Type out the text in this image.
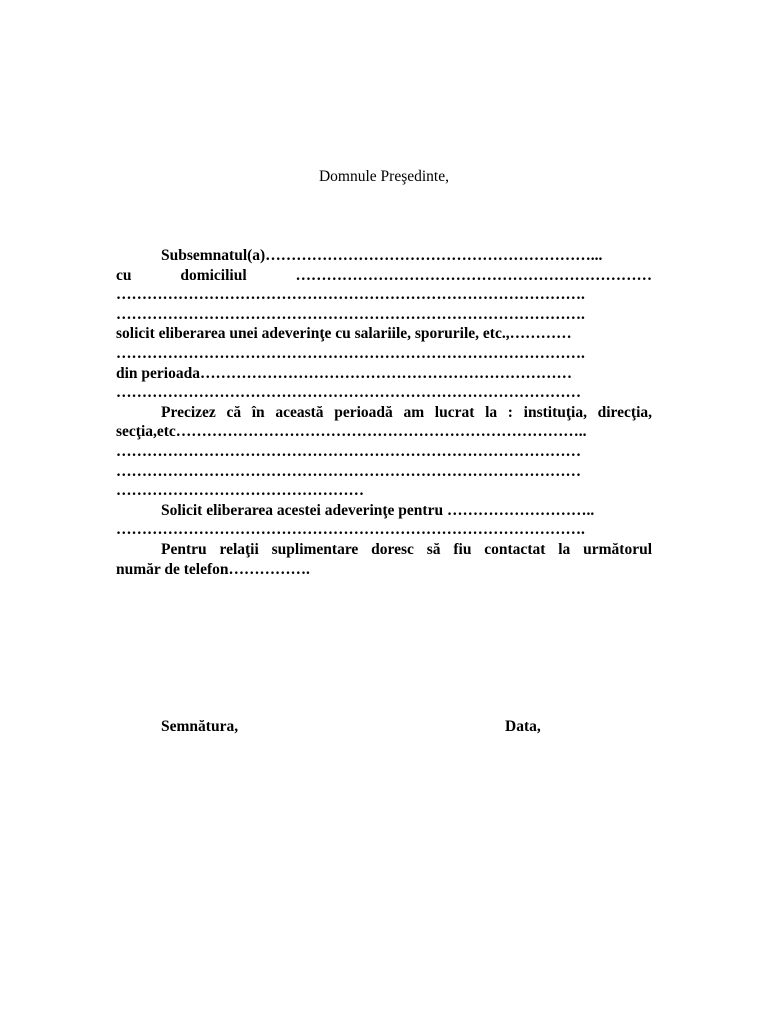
Domnule Preşedinte,
Subsemnatul(a)………………………………………………………...
cu domiciliul ……………………………………………………………
……………………………………………………………………………….
……………………………………………………………………………….
solicit eliberarea unei adeverinţe cu salariile, sporurile, etc.,…………
……………………………………………………………………………….
din perioada………………………………………………………………
………………………………………………………………………………
Precizez că în această perioadă am lucrat la : instituţia, direcţia,
secţia,etc……………………………………………………………………..
………………………………………………………………………………
………………………………………………………………………………
…………………………………………
Solicit eliberarea acestei adeverinţe pentru ………………………..
……………………………………………………………………………….
Pentru relaţii suplimentare doresc să fiu contactat la următorul
număr de telefon…………….
Semnătura,	Data,
